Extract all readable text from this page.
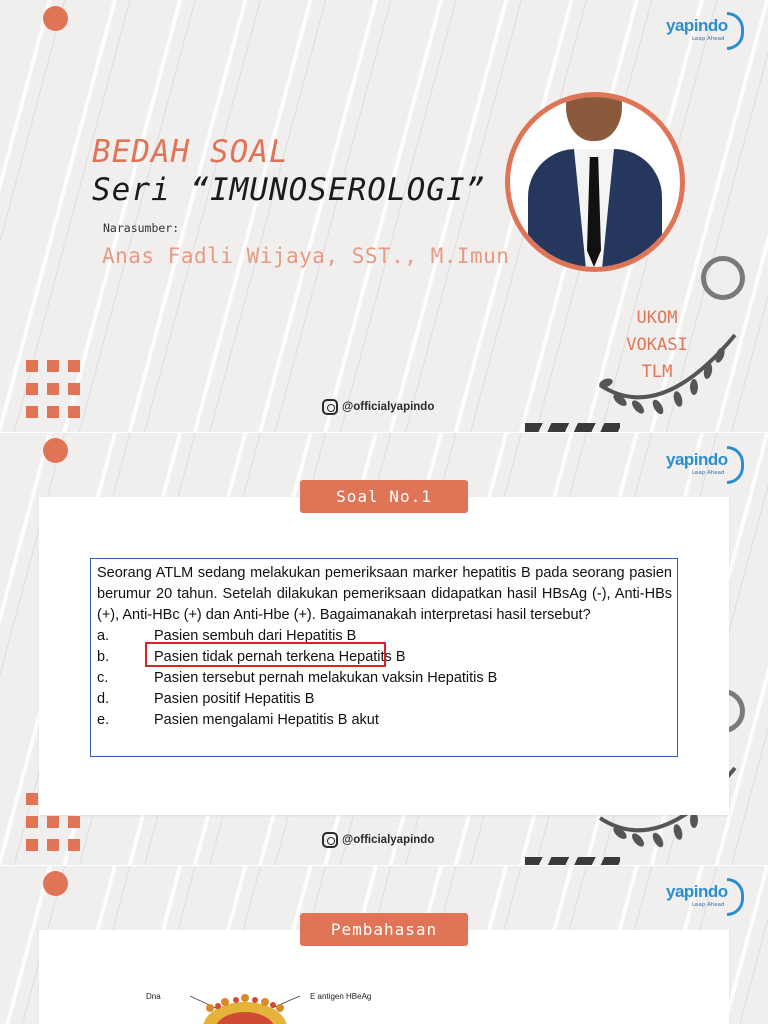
yapindo
Leap Ahead
BEDAH SOAL
Seri “IMUNOSEROLOGI”
Narasumber:
Anas Fadli Wijaya, SST., M.Imun
UKOM
VOKASI
TLM
@officialyapindo
yapindo
Leap Ahead
Soal No.1
Seorang ATLM sedang melakukan pemeriksaan marker hepatitis B pada seorang pasien berumur 20 tahun. Setelah dilakukan pemeriksaan didapatkan hasil HBsAg (-), Anti-HBs (+), Anti-HBc (+) dan Anti-Hbe (+). Bagaimanakah interpretasi hasil tersebut?
a.	Pasien sembuh dari Hepatitis B
b.	Pasien tidak pernah terkena Hepatits B
c.	Pasien tersebut pernah melakukan vaksin Hepatitis B
d.	Pasien positif Hepatitis B
e.	Pasien mengalami Hepatitis B akut
@officialyapindo
yapindo
Leap Ahead
Pembahasan
Dna	E antigen HBeAg
